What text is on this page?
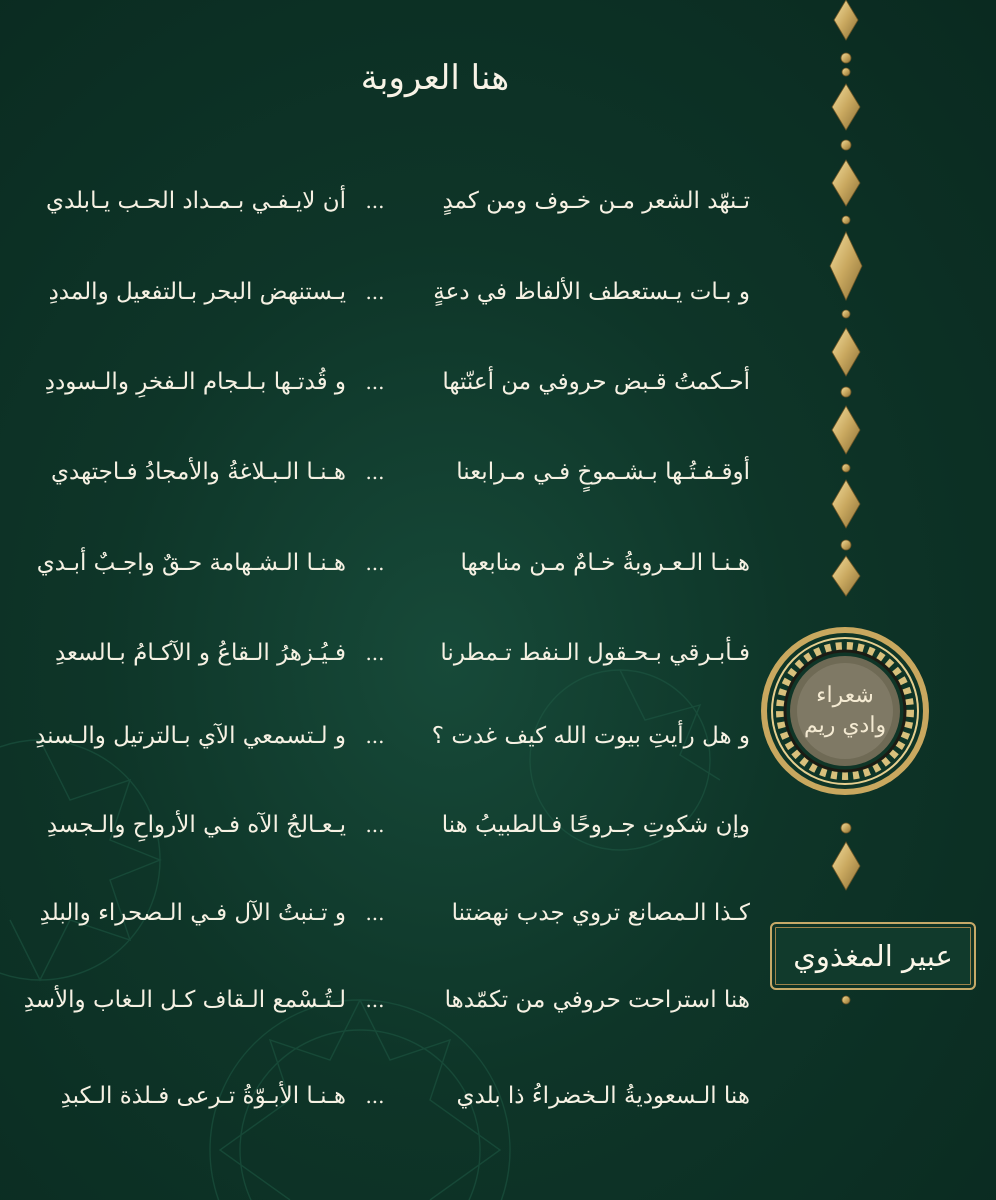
هنا العروبة
تـنهّد الشعر مـن خـوف ومن كمدٍ
...
أن لايـفـي بـمـداد الحـب يـابلدي
و بـات يـستعطف الألفاظ في دعةٍ
...
يـستنهض البحر بـالتفعيل والمددِ
أحـكمتُ قـبض حروفي من أعنّتها
...
و قُدتـها بـلـجام الـفخرِ والـسوددِ
أوقـفـتُـها بـشـموخٍ فـي مـرابعنا
...
هـنـا الـبـلاغةُ والأمجادُ فـاجتهدي
هـنـا الـعـروبةُ خـامٌ مـن منابعها
...
هـنـا الـشـهامة حـقٌ واجـبٌ أبـدي
فـأبـرقي بـحـقول الـنفط تـمطرنا
...
فـيُـزهرُ الـقاعُ و الآكـامُ بـالسعدِ
و هل رأيتِ بيوت الله كيف غدت ؟
...
و لـتسمعي الآي بـالترتيل والـسندِ
وإن شكوتِ جـروحًا فـالطبيبُ هنا
...
يـعـالجُ الآه فـي الأرواحِ والـجسدِ
كـذا الـمصانع تروي جدب نهضتنا
...
و تـنبتُ الآل فـي الـصحراء والبلدِ
هنا استراحت حروفي من تكمّدها
...
لـتُـسْمع الـقاف كـل الـغاب والأسدِ
هنا الـسعوديةُ الـخضراءُ ذا بلدي
...
هـنـا الأبـوّةُ تـرعى فـلذة الـكبدِ
شعراء
وادي ريم
عبير المغذوي
